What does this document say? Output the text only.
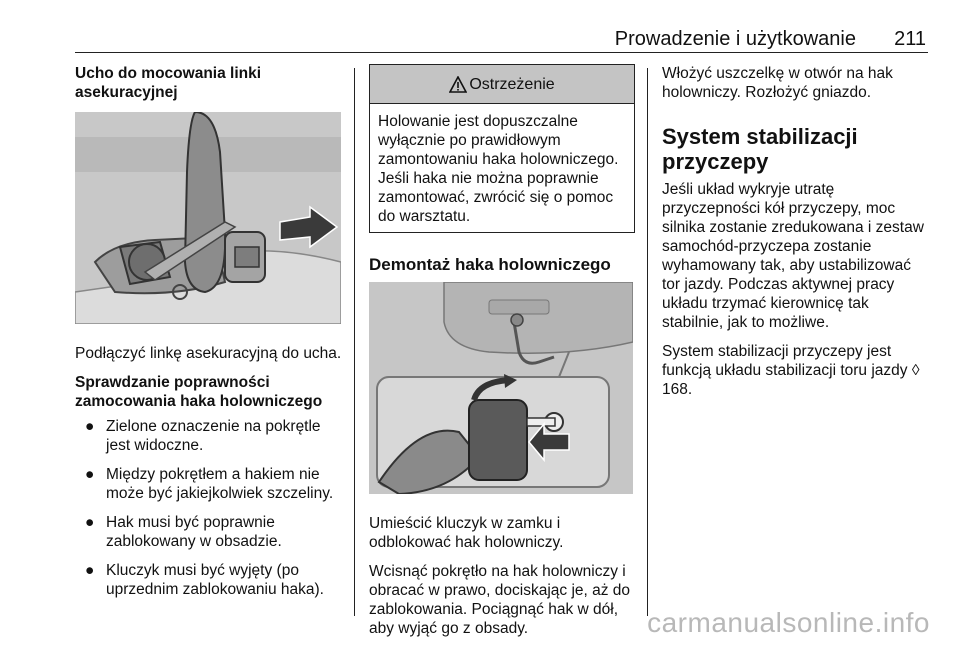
Prowadzenie i użytkowanie 211
Ucho do mocowania linki asekuracyjnej

Podłączyć linkę asekuracyjną do ucha.

Sprawdzanie poprawności zamocowania haka holowniczego
● Zielone oznaczenie na pokrętle jest widoczne.
● Między pokrętłem a hakiem nie może być jakiejkolwiek szczeliny.
● Hak musi być poprawnie zablokowany w obsadzie.
● Kluczyk musi być wyjęty (po uprzednim zablokowaniu haka).
Ostrzeżenie
Holowanie jest dopuszczalne wyłącznie po prawidłowym zamontowaniu haka holowniczego. Jeśli haka nie można poprawnie zamontować, zwrócić się o pomoc do warsztatu.
Demontaż haka holowniczego

Umieścić kluczyk w zamku i odblokować hak holowniczy.

Wcisnąć pokrętło na hak holowniczy i obracać w prawo, dociskając je, aż do zablokowania. Pociągnąć hak w dół, aby wyjąć go z obsady.

Włożyć uszczelkę w otwór na hak holowniczy. Rozłożyć gniazdo.

System stabilizacji przyczepy

Jeśli układ wykryje utratę przyczepności kół przyczepy, moc silnika zostanie zredukowana i zestaw samochód-przyczepa zostanie wyhamowany tak, aby ustabilizować tor jazdy. Podczas aktywnej pracy układu trzymać kierownicę tak stabilnie, jak to możliwe.

System stabilizacji przyczepy jest funkcją układu stabilizacji toru jazdy ◊ 168.

carmanualsonline.info
